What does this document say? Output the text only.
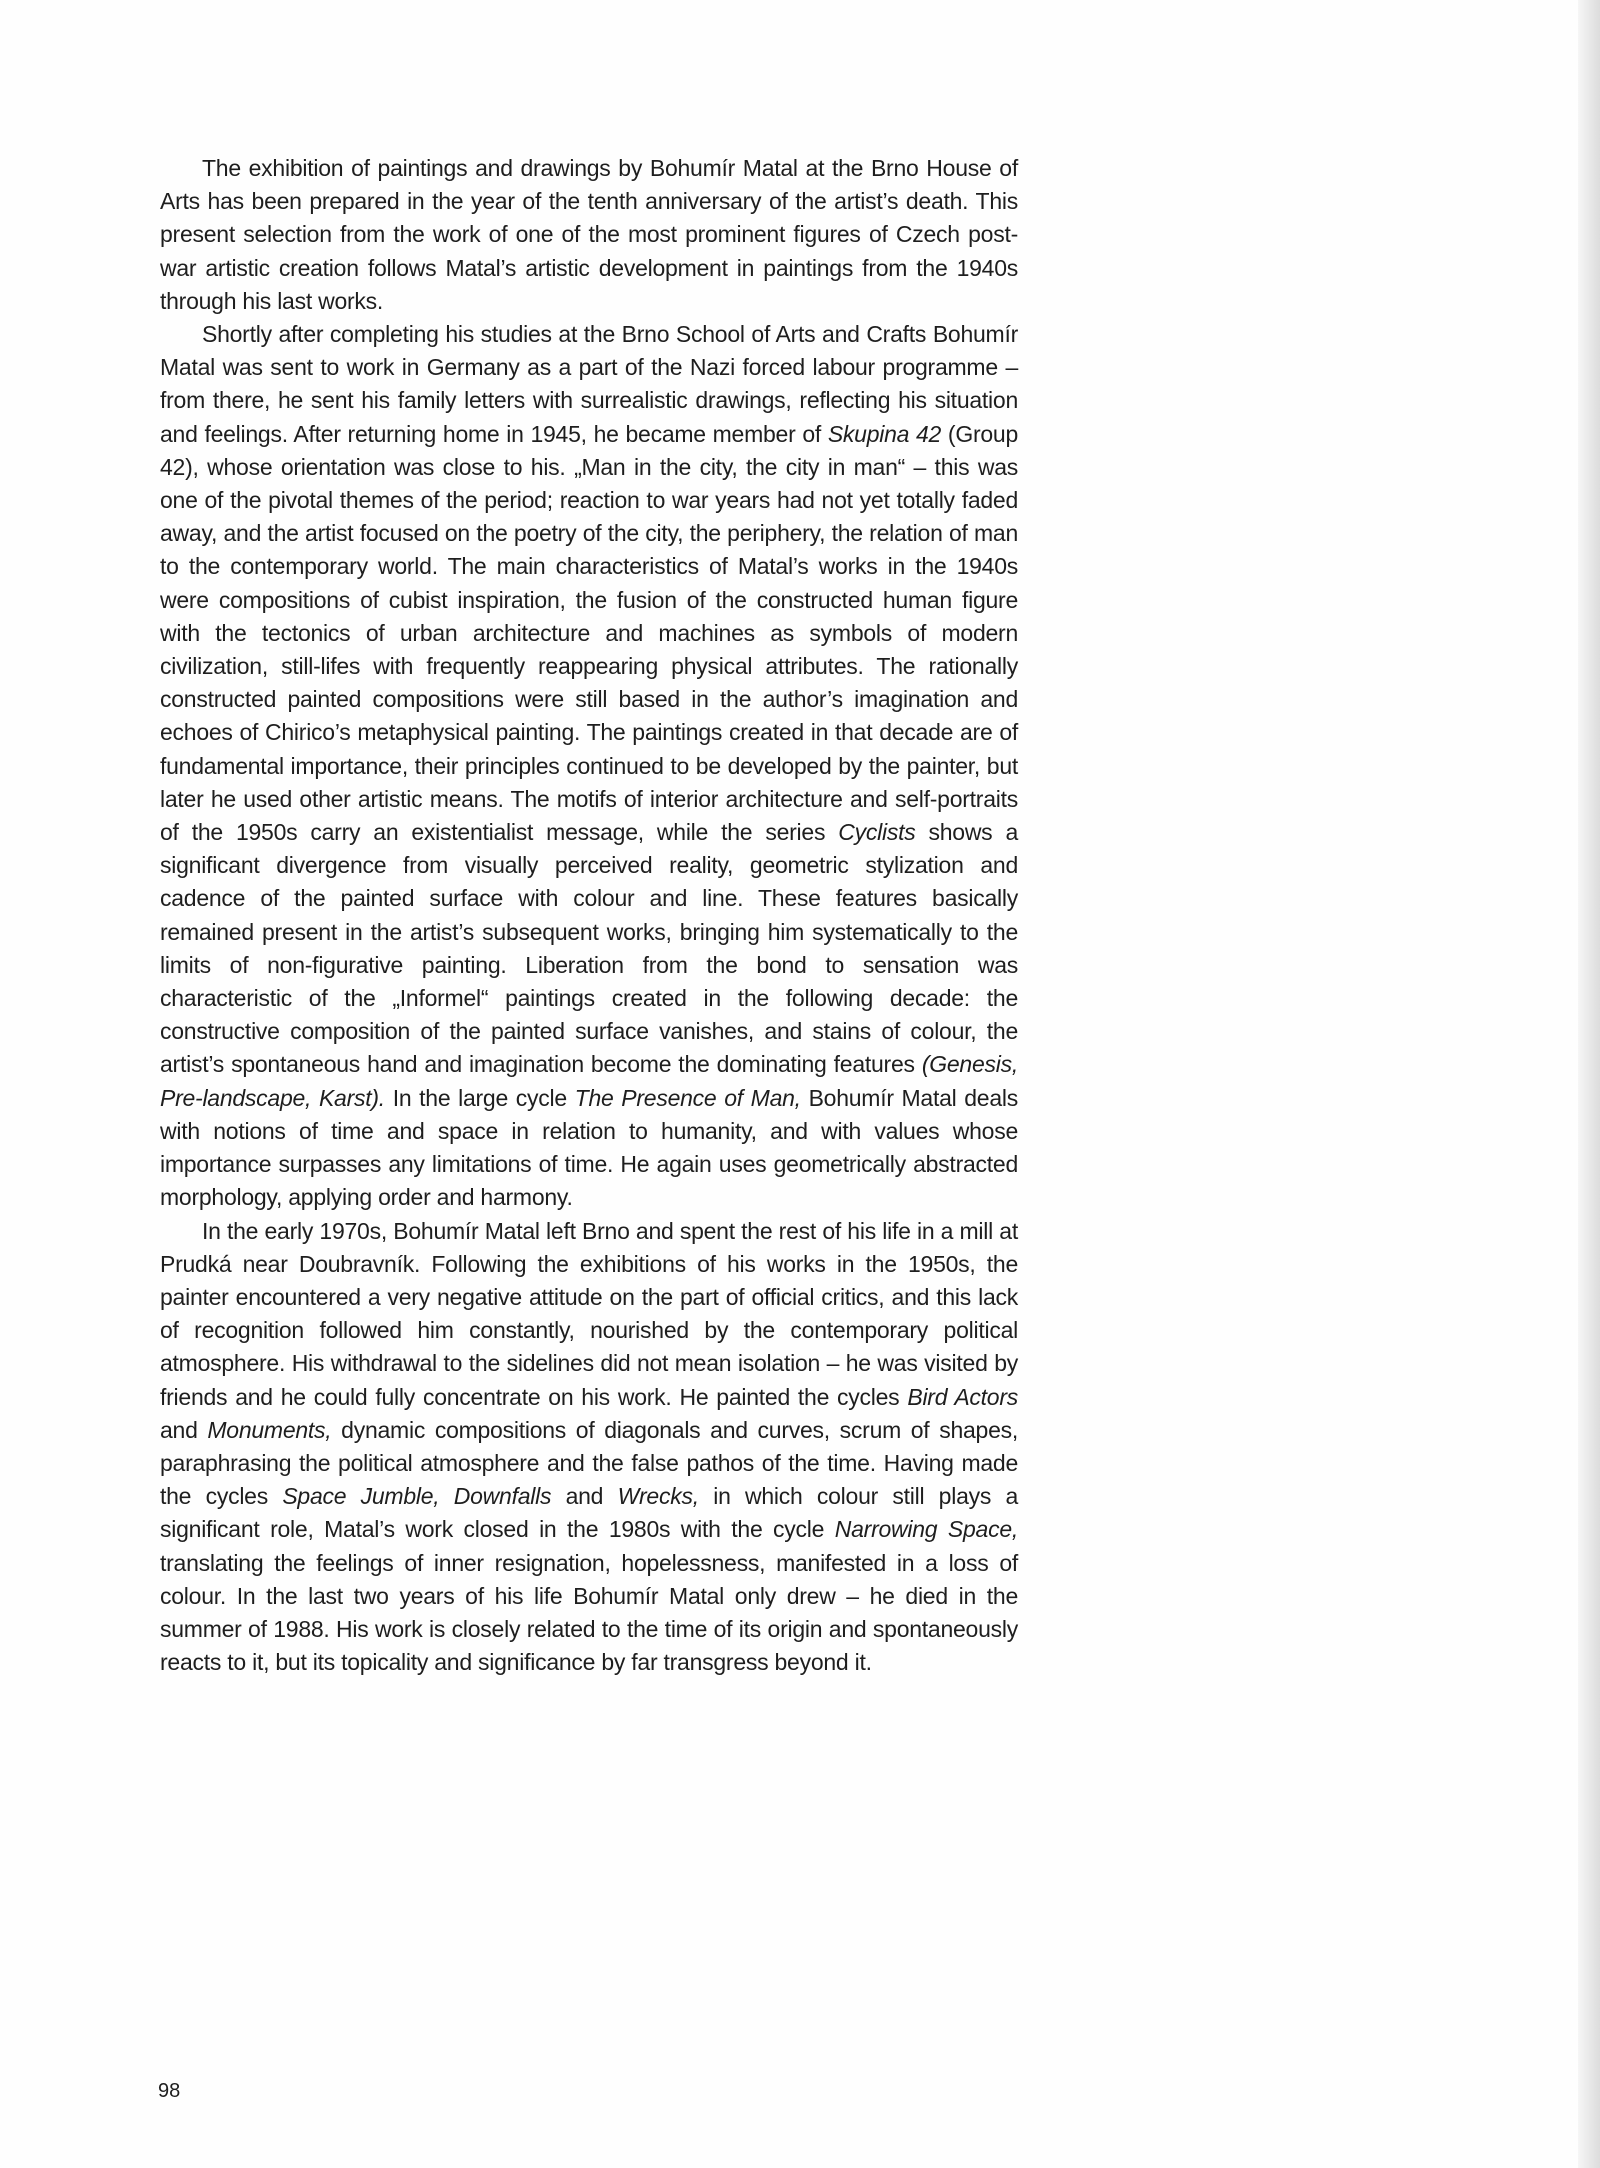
The exhibition of paintings and drawings by Bohumír Matal at the Brno House of Arts has been prepared in the year of the tenth anniversary of the artist’s death. This present selection from the work of one of the most prominent figures of Czech post-war artistic creation follows Matal’s artistic development in paintings from the 1940s through his last works.

Shortly after completing his studies at the Brno School of Arts and Crafts Bohumír Matal was sent to work in Germany as a part of the Nazi forced labour programme – from there, he sent his family letters with surrealistic drawings, reflecting his situation and feelings. After returning home in 1945, he became member of Skupina 42 (Group 42), whose orientation was close to his. „Man in the city, the city in man“ – this was one of the pivotal themes of the period; reaction to war years had not yet totally faded away, and the artist focused on the poetry of the city, the periphery, the relation of man to the contemporary world. The main characteristics of Matal’s works in the 1940s were compositions of cubist inspiration, the fusion of the constructed human figure with the tectonics of urban architecture and machines as symbols of modern civilization, still-lifes with frequently reappearing physical attributes. The rationally constructed painted compositions were still based in the author’s imagination and echoes of Chirico’s metaphysical painting. The paintings created in that decade are of fundamental importance, their principles continued to be developed by the painter, but later he used other artistic means. The motifs of interior architecture and self-portraits of the 1950s carry an existentialist message, while the series Cyclists shows a significant divergence from visually perceived reality, geometric stylization and cadence of the painted surface with colour and line. These features basically remained present in the artist’s subsequent works, bringing him systematically to the limits of non-figurative painting. Liberation from the bond to sensation was characteristic of the „Informel“ paintings created in the following decade: the constructive composition of the painted surface vanishes, and stains of colour, the artist’s spontaneous hand and imagination become the dominating features (Genesis, Pre-landscape, Karst). In the large cycle The Presence of Man, Bohumír Matal deals with notions of time and space in relation to humanity, and with values whose importance surpasses any limitations of time. He again uses geometrically abstracted morphology, applying order and harmony.

In the early 1970s, Bohumír Matal left Brno and spent the rest of his life in a mill at Prudká near Doubravník. Following the exhibitions of his works in the 1950s, the painter encountered a very negative attitude on the part of official critics, and this lack of recognition followed him constantly, nourished by the contemporary political atmosphere. His withdrawal to the sidelines did not mean isolation – he was visited by friends and he could fully concentrate on his work. He painted the cycles Bird Actors and Monuments, dynamic compositions of diagonals and curves, scrum of shapes, paraphrasing the political atmosphere and the false pathos of the time. Having made the cycles Space Jumble, Downfalls and Wrecks, in which colour still plays a significant role, Matal’s work closed in the 1980s with the cycle Narrowing Space, translating the feelings of inner resignation, hopelessness, manifested in a loss of colour. In the last two years of his life Bohumír Matal only drew – he died in the summer of 1988. His work is closely related to the time of its origin and spontaneously reacts to it, but its topicality and significance by far transgress beyond it.

98
